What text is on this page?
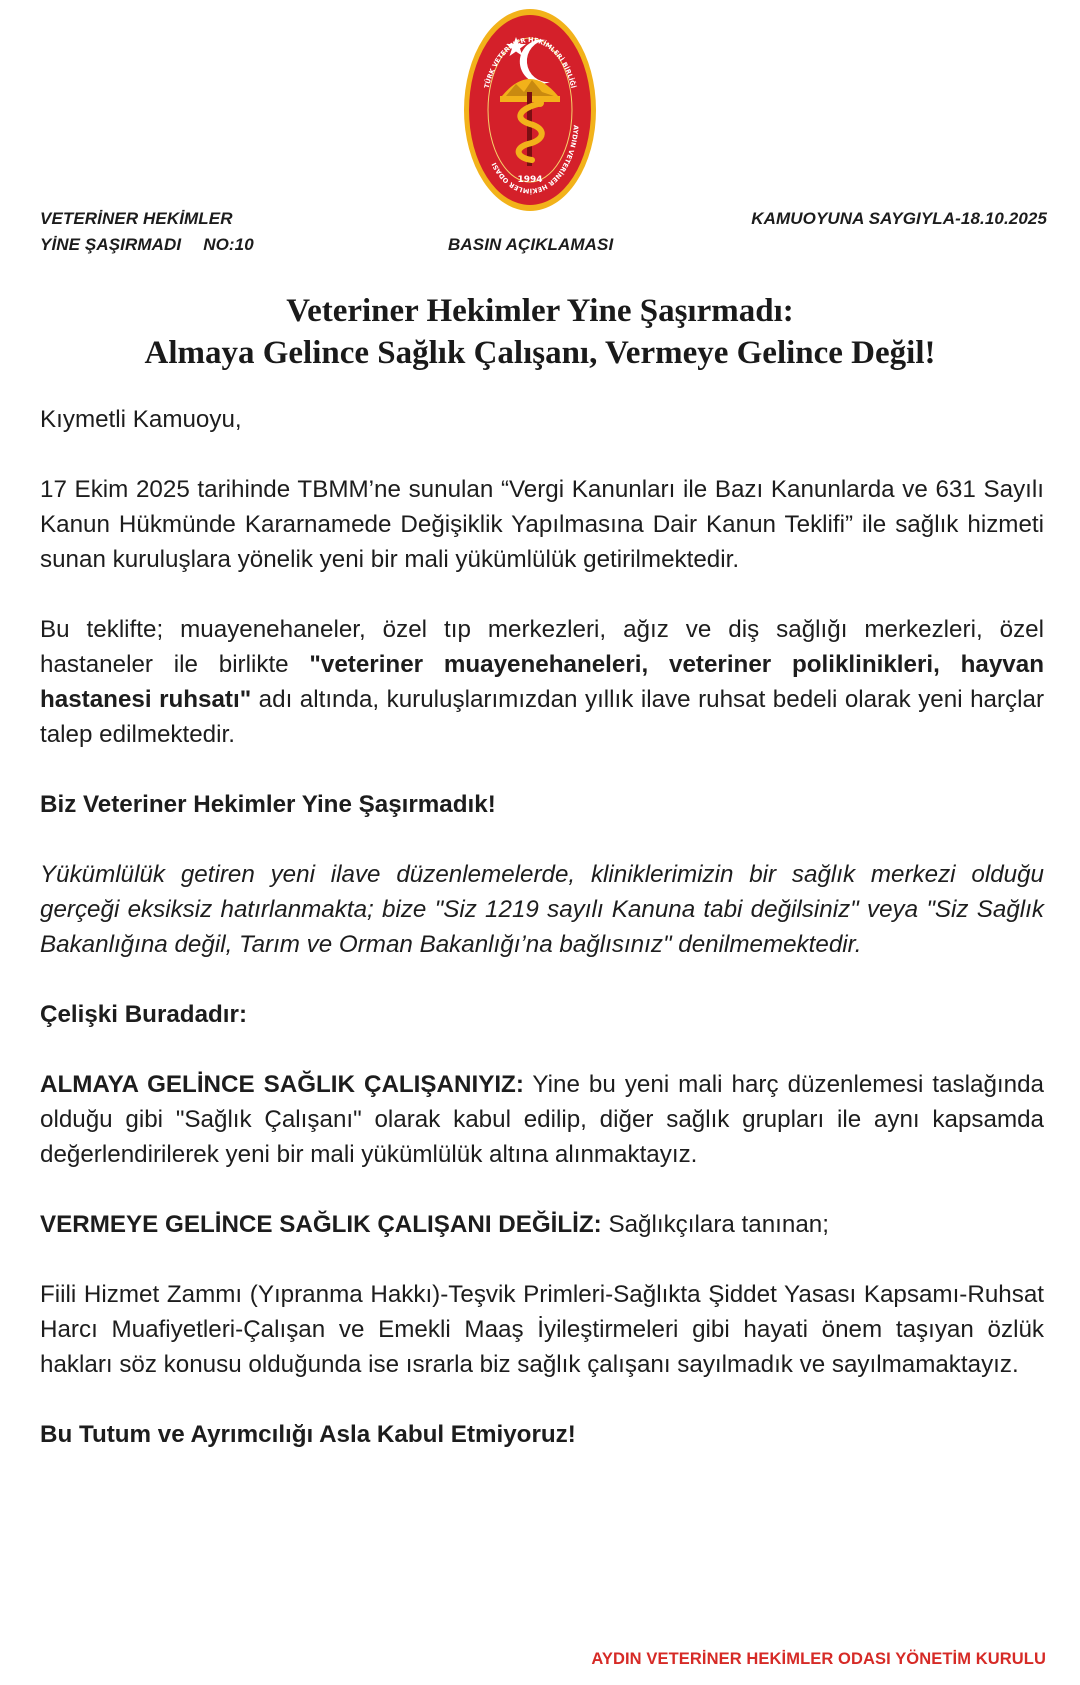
1994
TÜRK VETERİNER HEKİMLERİ BİRLİĞİ
AYDIN VETERİNER HEKİMLER ODASI
VETERİNER HEKİMLER
YİNE ŞAŞIRMADI NO:10	BASIN AÇIKLAMASI
KAMUOYUNA SAYGIYLA-18.10.2025
Veteriner Hekimler Yine Şaşırmadı:
Almaya Gelince Sağlık Çalışanı, Vermeye Gelince Değil!

Kıymetli Kamuoyu,

17 Ekim 2025 tarihinde TBMM’ne sunulan “Vergi Kanunları ile Bazı Kanunlarda ve 631 Sayılı Kanun Hükmünde Kararnamede Değişiklik Yapılmasına Dair Kanun Teklifi” ile sağlık hizmeti sunan kuruluşlara yönelik yeni bir mali yükümlülük getirilmektedir.

Bu teklifte; muayenehaneler, özel tıp merkezleri, ağız ve diş sağlığı merkezleri, özel hastaneler ile birlikte "veteriner muayenehaneleri, veteriner poliklinikleri, hayvan hastanesi ruhsatı" adı altında, kuruluşlarımızdan yıllık ilave ruhsat bedeli olarak yeni harçlar talep edilmektedir.

Biz Veteriner Hekimler Yine Şaşırmadık!

Yükümlülük getiren yeni ilave düzenlemelerde, kliniklerimizin bir sağlık merkezi olduğu gerçeği eksiksiz hatırlanmakta; bize "Siz 1219 sayılı Kanuna tabi değilsiniz" veya "Siz Sağlık Bakanlığına değil, Tarım ve Orman Bakanlığı’na bağlısınız" denilmemektedir.

Çelişki Buradadır:

ALMAYA GELİNCE SAĞLIK ÇALIŞANIYIZ: Yine bu yeni mali harç düzenlemesi taslağında olduğu gibi "Sağlık Çalışanı" olarak kabul edilip, diğer sağlık grupları ile aynı kapsamda değerlendirilerek yeni bir mali yükümlülük altına alınmaktayız.

VERMEYE GELİNCE SAĞLIK ÇALIŞANI DEĞİLİZ: Sağlıkçılara tanınan;

Fiili Hizmet Zammı (Yıpranma Hakkı)-Teşvik Primleri-Sağlıkta Şiddet Yasası Kapsamı-Ruhsat Harcı Muafiyetleri-Çalışan ve Emekli Maaş İyileştirmeleri gibi hayati önem taşıyan özlük hakları söz konusu olduğunda ise ısrarla biz sağlık çalışanı sayılmadık ve sayılmamaktayız.

Bu Tutum ve Ayrımcılığı Asla Kabul Etmiyoruz!

AYDIN VETERİNER HEKİMLER ODASI YÖNETİM KURULU
